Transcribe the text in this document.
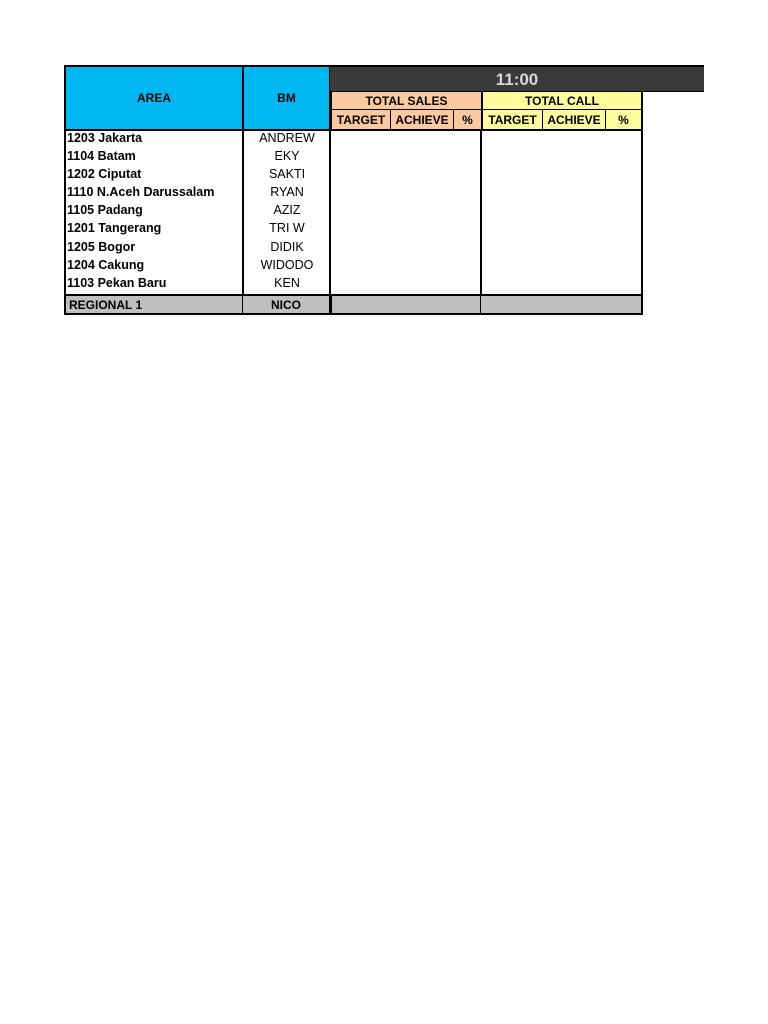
AREA	BM
11:00
TOTAL SALES	TOTAL CALL
TARGET ACHIEVE	%	TARGET ACHIEVE	%
1203 Jakarta	ANDREW
1104 Batam	EKY
1202 Ciputat	SAKTI
1110 N.Aceh Darussalam	RYAN
1105 Padang	AZIZ
1201 Tangerang	TRI W
1205 Bogor	DIDIK
1204 Cakung	WIDODO
1103 Pekan Baru	KEN
REGIONAL 1	NICO
